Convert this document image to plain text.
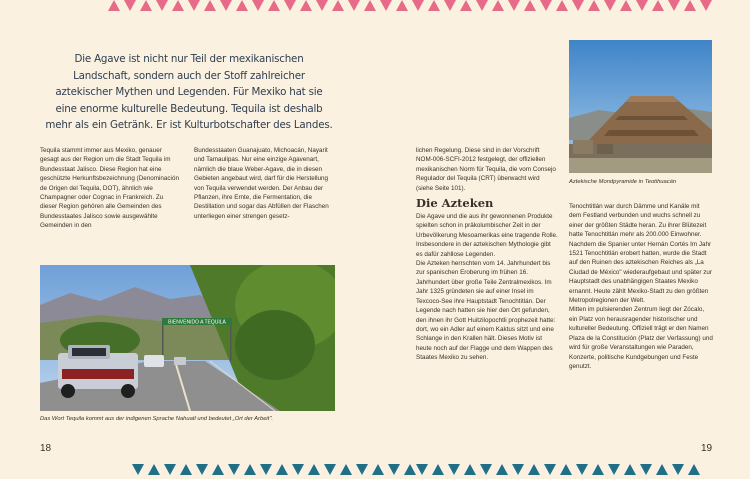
Die Agave ist nicht nur Teil der mexikanischen Landschaft, sondern auch der Stoff zahlreicher aztekischer Mythen und Legenden. Für Mexiko hat sie eine enorme kulturelle Bedeutung. Tequila ist deshalb mehr als ein Getränk. Er ist Kulturbotschafter des Landes.

Tequila stammt immer aus Mexiko, genauer gesagt aus der Region um die Stadt Tequila im Bundesstaat Jalisco. Diese Region hat eine geschützte Herkunftsbezeichnung (Denominación de Origen del Tequila, DOT), ähnlich wie Champagner oder Cognac in Frankreich. Zu dieser Region gehören alle Gemeinden des Bundesstaates Jalisco sowie ausgewählte Gemeinden in den

Bundesstaaten Guanajuato, Michoacán, Nayarit und Tamaulipas. Nur eine einzige Agavenart, nämlich die blaue Weber-Agave, die in diesen Gebieten angebaut wird, darf für die Herstellung von Tequila verwendet werden. Der Anbau der Pflanzen, ihre Ernte, die Fermentation, die Destillation und sogar das Abfüllen der Flaschen unterliegen einer strengen gesetz-

BIENVENIDO A TEQUILA
Das Wort Tequila kommt aus der indigenen Sprache Nahuatl und bedeutet „Ort der Arbeit".

lichen Regelung. Diese sind in der Vorschrift NOM-006-SCFI-2012 festgelegt, der offiziellen mexikanischen Norm für Tequila, die vom Consejo Regulador del Tequila (CRT) überwacht wird (siehe Seite 101).

Die Azteken

Die Agave und die aus ihr gewonnenen Produkte spielten schon in präkolumbischer Zeit in der Urbevölkerung Mesoamerikas eine tragende Rolle. Insbesondere in der aztekischen Mythologie gibt es dafür zahllose Legenden.

Die Azteken herrschten vom 14. Jahrhundert bis zur spanischen Eroberung im frühen 16. Jahrhundert über große Teile Zentralmexikos. Im Jahr 1325 gründeten sie auf einer Insel im Texcoco-See ihre Hauptstadt Tenochtitlán. Der Legende nach hatten sie hier den Ort gefunden, den ihnen ihr Gott Huitzilopochtli prophezeit hatte: dort, wo ein Adler auf einem Kaktus sitzt und eine Schlange in den Krallen hält. Dieses Motiv ist heute noch auf der Flagge und dem Wappen des Staates Mexiko zu sehen.

Aztekische Mondpyramide in Teotihuacán

Tenochtitlán war durch Dämme und Kanäle mit dem Festland verbunden und wuchs schnell zu einer der größten Städte heran. Zu ihrer Blütezeit hatte Tenochtitlán mehr als 200.000 Einwohner.

Nachdem die Spanier unter Hernán Cortés Im Jahr 1521 Tenochtitlán erobert hatten, wurde die Stadt auf den Ruinen des aztekischen Reiches als „La Ciudad de México" wiederaufgebaut und später zur Hauptstadt des unabhängigen Staates Mexiko ernannt. Heute zählt Mexiko-Stadt zu den größten Metropolregionen der Welt.

Mitten im pulsierenden Zentrum liegt der Zócalo, ein Platz von herausragender historischer und kultureller Bedeutung. Offiziell trägt er den Namen Plaza de la Constitución (Platz der Verfassung) und wird für große Veranstaltungen wie Paraden, Konzerte, politische Kundgebungen und Feste genutzt.

18	19
